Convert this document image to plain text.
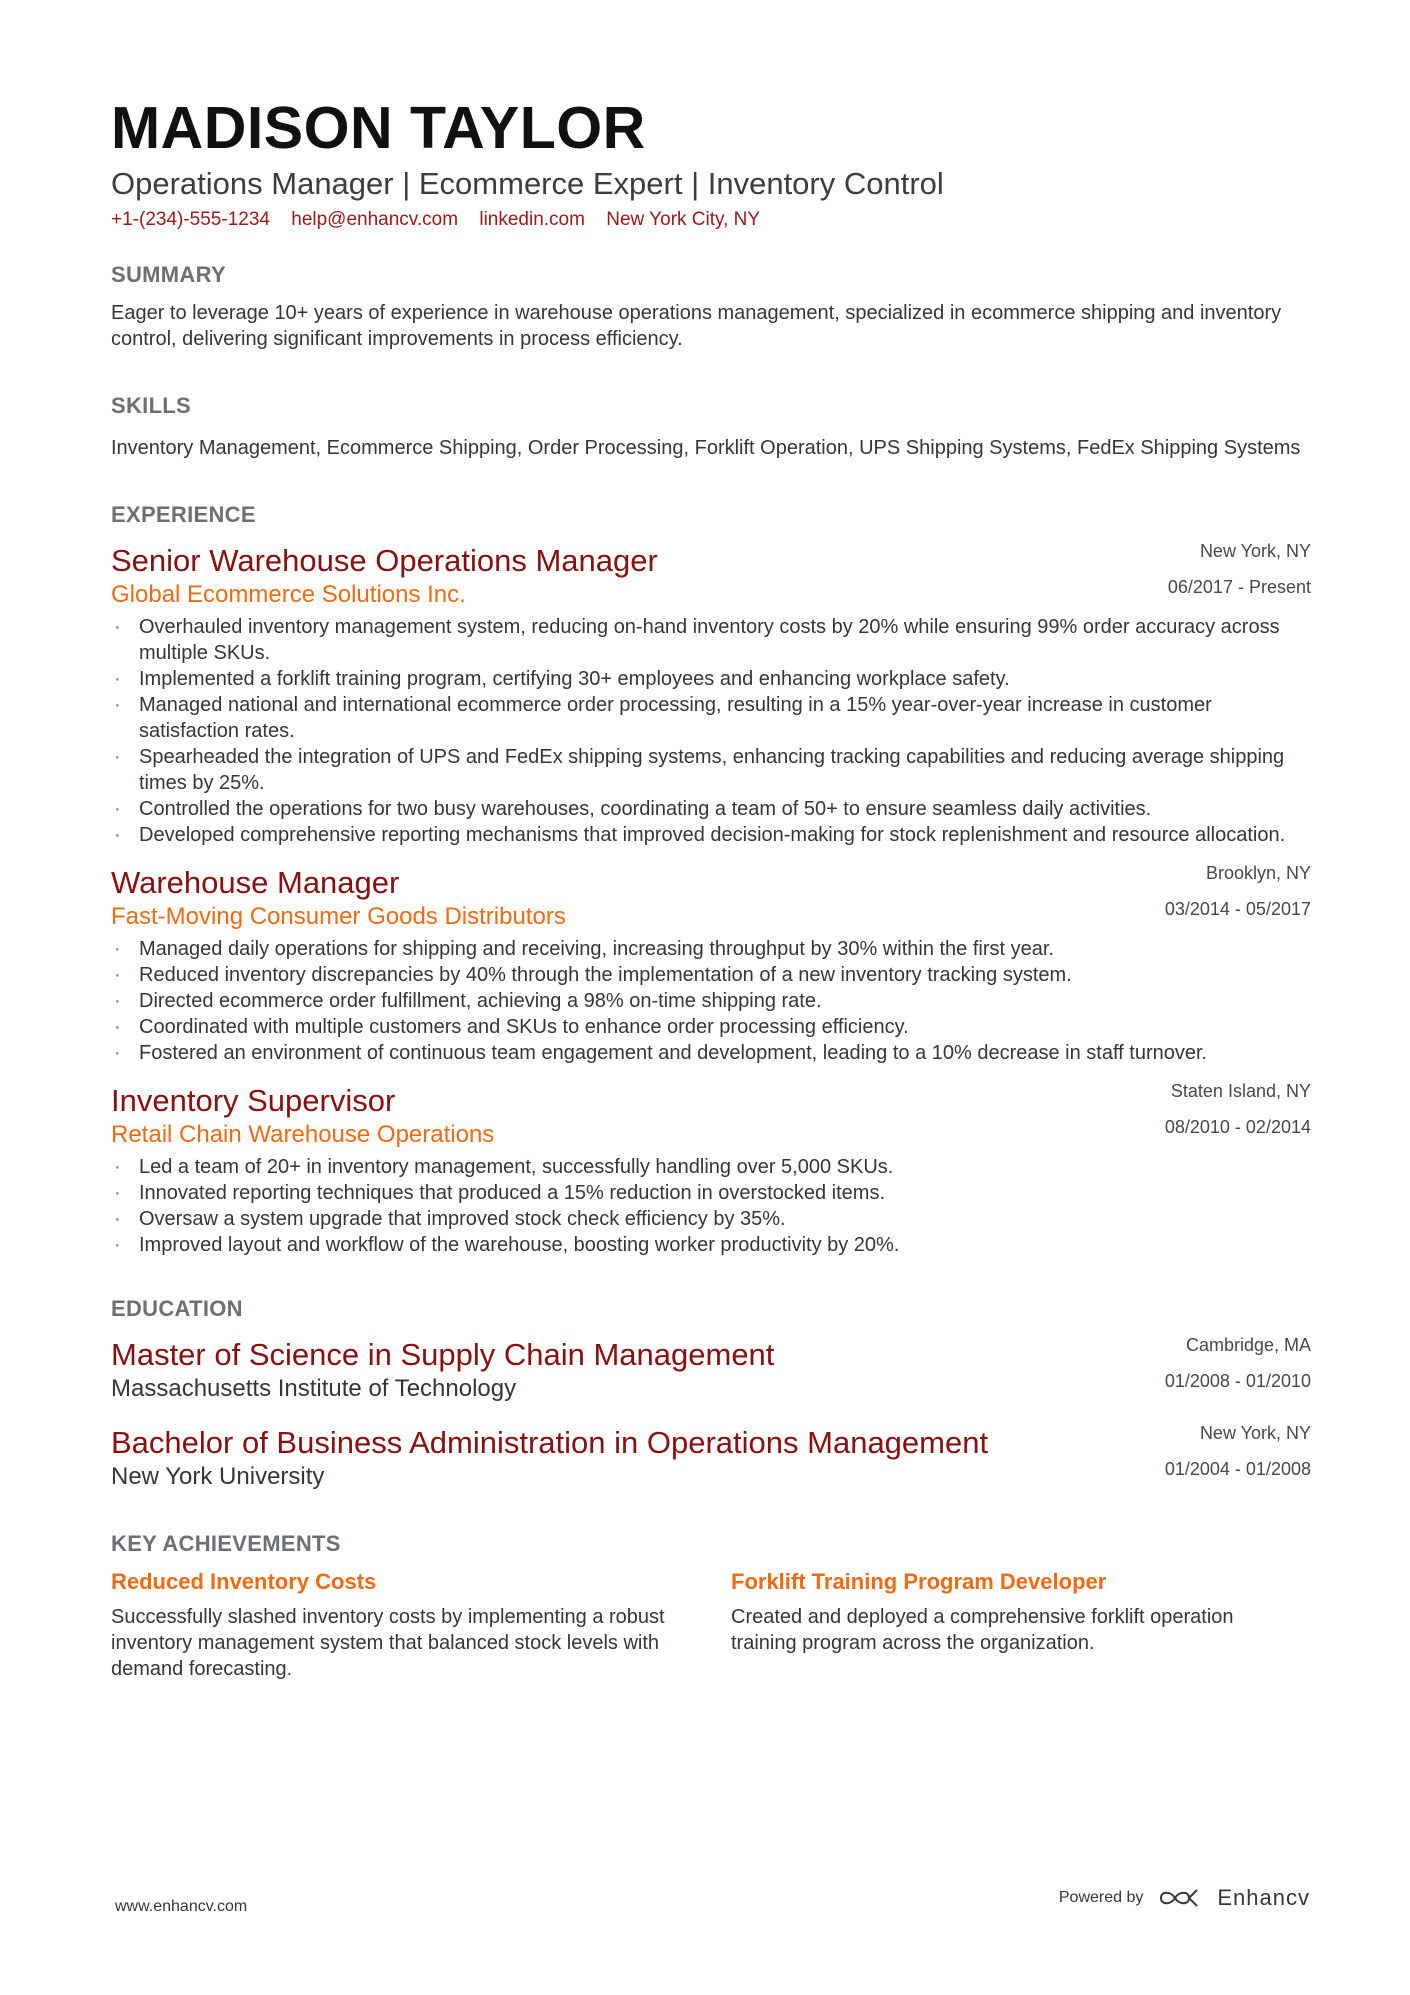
MADISON TAYLOR
Operations Manager | Ecommerce Expert | Inventory Control
+1-(234)-555-1234 help@enhancv.com linkedin.com New York City, NY
SUMMARY
Eager to leverage 10+ years of experience in warehouse operations management, specialized in ecommerce shipping and inventory control, delivering significant improvements in process efficiency.
SKILLS
Inventory Management, Ecommerce Shipping, Order Processing, Forklift Operation, UPS Shipping Systems, FedEx Shipping Systems
EXPERIENCE
New York, NY
06/2017 - Present
Senior Warehouse Operations Manager
Global Ecommerce Solutions Inc.
· Overhauled inventory management system, reducing on-hand inventory costs by 20% while ensuring 99% order accuracy across multiple SKUs.
· Implemented a forklift training program, certifying 30+ employees and enhancing workplace safety.
· Managed national and international ecommerce order processing, resulting in a 15% year-over-year increase in customer satisfaction rates.
· Spearheaded the integration of UPS and FedEx shipping systems, enhancing tracking capabilities and reducing average shipping times by 25%.
· Controlled the operations for two busy warehouses, coordinating a team of 50+ to ensure seamless daily activities.
· Developed comprehensive reporting mechanisms that improved decision-making for stock replenishment and resource allocation.
Brooklyn, NY
03/2014 - 05/2017
Warehouse Manager
Fast-Moving Consumer Goods Distributors
· Managed daily operations for shipping and receiving, increasing throughput by 30% within the first year.
· Reduced inventory discrepancies by 40% through the implementation of a new inventory tracking system.
· Directed ecommerce order fulfillment, achieving a 98% on-time shipping rate.
· Coordinated with multiple customers and SKUs to enhance order processing efficiency.
· Fostered an environment of continuous team engagement and development, leading to a 10% decrease in staff turnover.
Staten Island, NY
08/2010 - 02/2014
Inventory Supervisor
Retail Chain Warehouse Operations
· Led a team of 20+ in inventory management, successfully handling over 5,000 SKUs.
· Innovated reporting techniques that produced a 15% reduction in overstocked items.
· Oversaw a system upgrade that improved stock check efficiency by 35%.
· Improved layout and workflow of the warehouse, boosting worker productivity by 20%.
EDUCATION
Cambridge, MA
01/2008 - 01/2010
Master of Science in Supply Chain Management
Massachusetts Institute of Technology
New York, NY
01/2004 - 01/2008
Bachelor of Business Administration in Operations Management
New York University
KEY ACHIEVEMENTS
Reduced Inventory Costs
Successfully slashed inventory costs by implementing a robust inventory management system that balanced stock levels with demand forecasting.
Forklift Training Program Developer
Created and deployed a comprehensive forklift operation training program across the organization.
www.enhancv.com
Powered by	Enhancv
